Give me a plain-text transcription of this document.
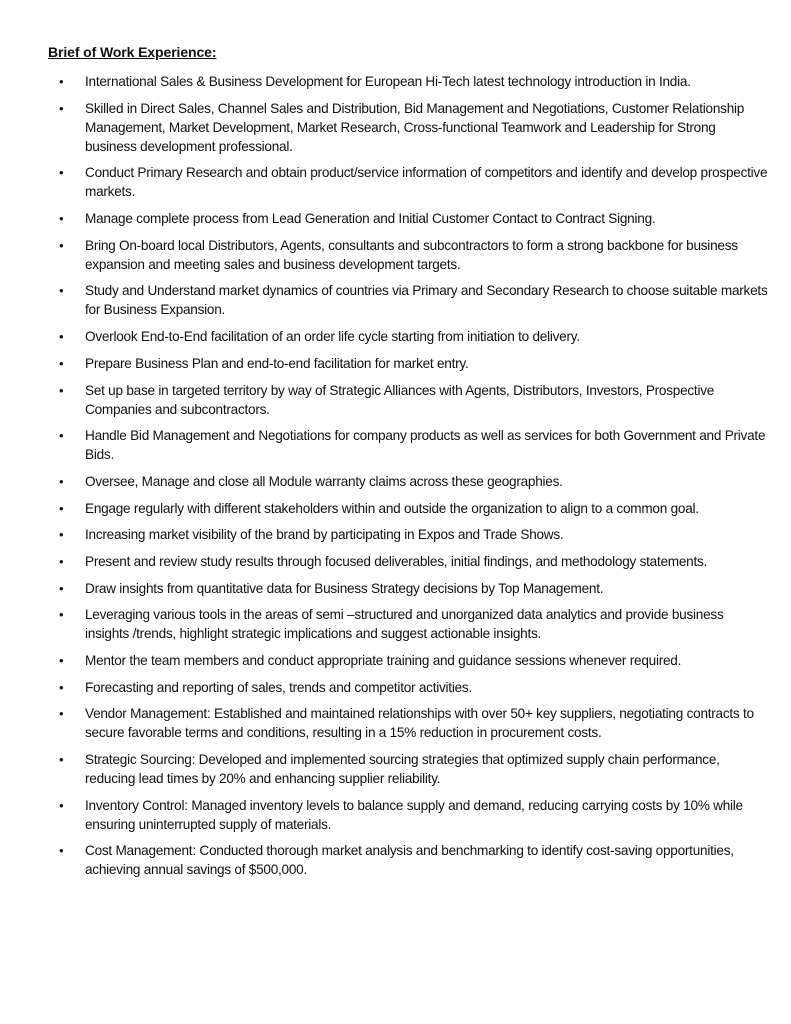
Brief of Work Experience:
• International Sales & Business Development for European Hi-Tech latest technology introduction in India.
• Skilled in Direct Sales, Channel Sales and Distribution, Bid Management and Negotiations, Customer Relationship Management, Market Development, Market Research, Cross-functional Teamwork and Leadership for Strong business development professional.
• Conduct Primary Research and obtain product/service information of competitors and identify and develop prospective markets.
• Manage complete process from Lead Generation and Initial Customer Contact to Contract Signing.
• Bring On-board local Distributors, Agents, consultants and subcontractors to form a strong backbone for business expansion and meeting sales and business development targets.
• Study and Understand market dynamics of countries via Primary and Secondary Research to choose suitable markets for Business Expansion.
• Overlook End-to-End facilitation of an order life cycle starting from initiation to delivery.
• Prepare Business Plan and end-to-end facilitation for market entry.
• Set up base in targeted territory by way of Strategic Alliances with Agents, Distributors, Investors, Prospective Companies and subcontractors.
• Handle Bid Management and Negotiations for company products as well as services for both Government and Private Bids.
• Oversee, Manage and close all Module warranty claims across these geographies.
• Engage regularly with different stakeholders within and outside the organization to align to a common goal.
• Increasing market visibility of the brand by participating in Expos and Trade Shows.
• Present and review study results through focused deliverables, initial findings, and methodology statements.
• Draw insights from quantitative data for Business Strategy decisions by Top Management.
• Leveraging various tools in the areas of semi –structured and unorganized data analytics and provide business insights /trends, highlight strategic implications and suggest actionable insights.
• Mentor the team members and conduct appropriate training and guidance sessions whenever required.
• Forecasting and reporting of sales, trends and competitor activities.
• Vendor Management: Established and maintained relationships with over 50+ key suppliers, negotiating contracts to secure favorable terms and conditions, resulting in a 15% reduction in procurement costs.
• Strategic Sourcing: Developed and implemented sourcing strategies that optimized supply chain performance, reducing lead times by 20% and enhancing supplier reliability.
• Inventory Control: Managed inventory levels to balance supply and demand, reducing carrying costs by 10% while ensuring uninterrupted supply of materials.
• Cost Management: Conducted thorough market analysis and benchmarking to identify cost-saving opportunities, achieving annual savings of $500,000.
